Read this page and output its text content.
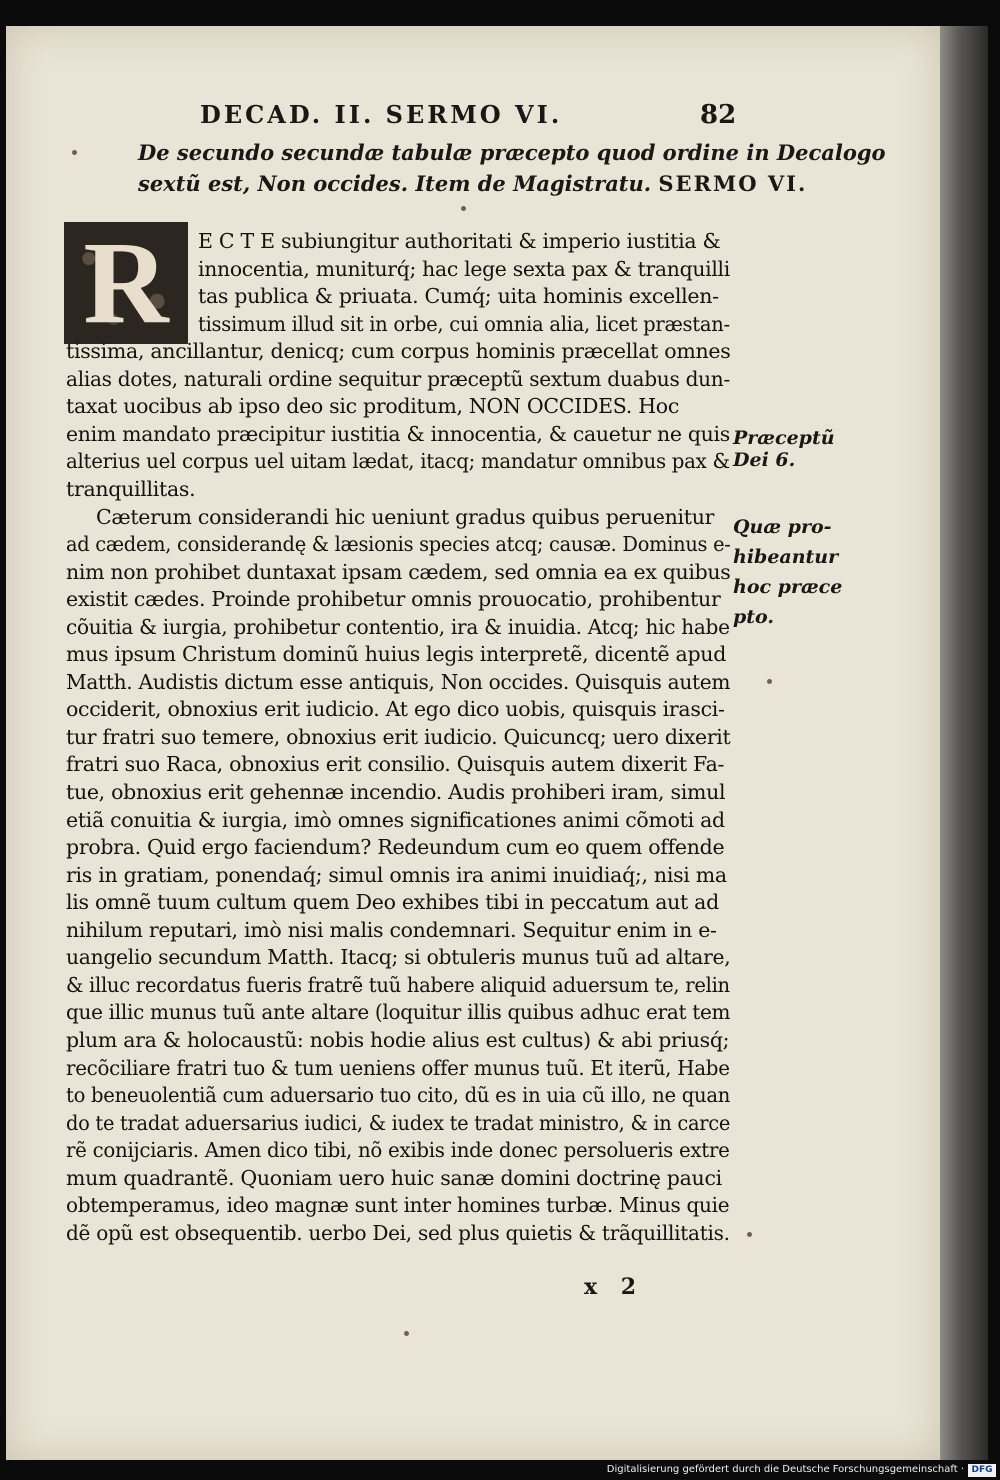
DECAD. II. SERMO VI.	82
De secundo secundæ tabulæ præcepto quod ordine in Decalogo
sextũ est, Non occides. Item de Magistratu. SERMO VI.
R	E C T E subiungitur authoritati & imperio iustitia &
innocentia, muniturq́; hac lege sexta pax & tranquilli
tas publica & priuata. Cumq́; uita hominis excellen-
tissimum illud sit in orbe, cui omnia alia, licet præstan-
tissima, ancillantur, denicq; cum corpus hominis præcellat omnes
alias dotes, naturali ordine sequitur præceptũ sextum duabus dun-
taxat uocibus ab ipso deo sic proditum, NON OCCIDES. Hoc
enim mandato præcipitur iustitia & innocentia, & cauetur ne quis
alterius uel corpus uel uitam lædat, itacq; mandatur omnibus pax &
tranquillitas.
Cæterum considerandi hic ueniunt gradus quibus peruenitur
ad cædem, considerandę & læsionis species atcq; causæ. Dominus e-
nim non prohibet duntaxat ipsam cædem, sed omnia ea ex quibus
existit cædes. Proinde prohibetur omnis prouocatio, prohibentur
cõuitia & iurgia, prohibetur contentio, ira & inuidia. Atcq; hic habe
mus ipsum Christum dominũ huius legis interpretẽ, dicentẽ apud
Matth. Audistis dictum esse antiquis, Non occides. Quisquis autem
occiderit, obnoxius erit iudicio. At ego dico uobis, quisquis irasci-
tur fratri suo temere, obnoxius erit iudicio. Quicuncq; uero dixerit
fratri suo Raca, obnoxius erit consilio. Quisquis autem dixerit Fa-
tue, obnoxius erit gehennæ incendio. Audis prohiberi iram, simul
etiã conuitia & iurgia, imò omnes significationes animi cõmoti ad
probra. Quid ergo faciendum? Redeundum cum eo quem offende
ris in gratiam, ponendaq́; simul omnis ira animi inuidiaq́;, nisi ma
lis omnẽ tuum cultum quem Deo exhibes tibi in peccatum aut ad
nihilum reputari, imò nisi malis condemnari. Sequitur enim in e-
uangelio secundum Matth. Itacq; si obtuleris munus tuũ ad altare,
& illuc recordatus fueris fratrẽ tuũ habere aliquid aduersum te, relin
que illic munus tuũ ante altare (loquitur illis quibus adhuc erat tem
plum ara & holocaustũ: nobis hodie alius est cultus) & abi priusq́;
recõciliare fratri tuo & tum ueniens offer munus tuũ. Et iterũ, Habe
to beneuolentiã cum aduersario tuo cito, dũ es in uia cũ illo, ne quan
do te tradat aduersarius iudici, & iudex te tradat ministro, & in carce
rẽ conijciaris. Amen dico tibi, nõ exibis inde donec persolueris extre
mum quadrantẽ. Quoniam uero huic sanæ domini doctrinę pauci
obtemperamus, ideo magnæ sunt inter homines turbæ. Minus quie
dẽ opũ est obsequentib. uerbo Dei, sed plus quietis & trãquillitatis.
Præceptũ
Dei 6.
Quæ pro-
hibeantur
hoc præce
pto.
x 2
Digitalisierung gefördert durch die Deutsche Forschungsgemeinschaft · DFG
